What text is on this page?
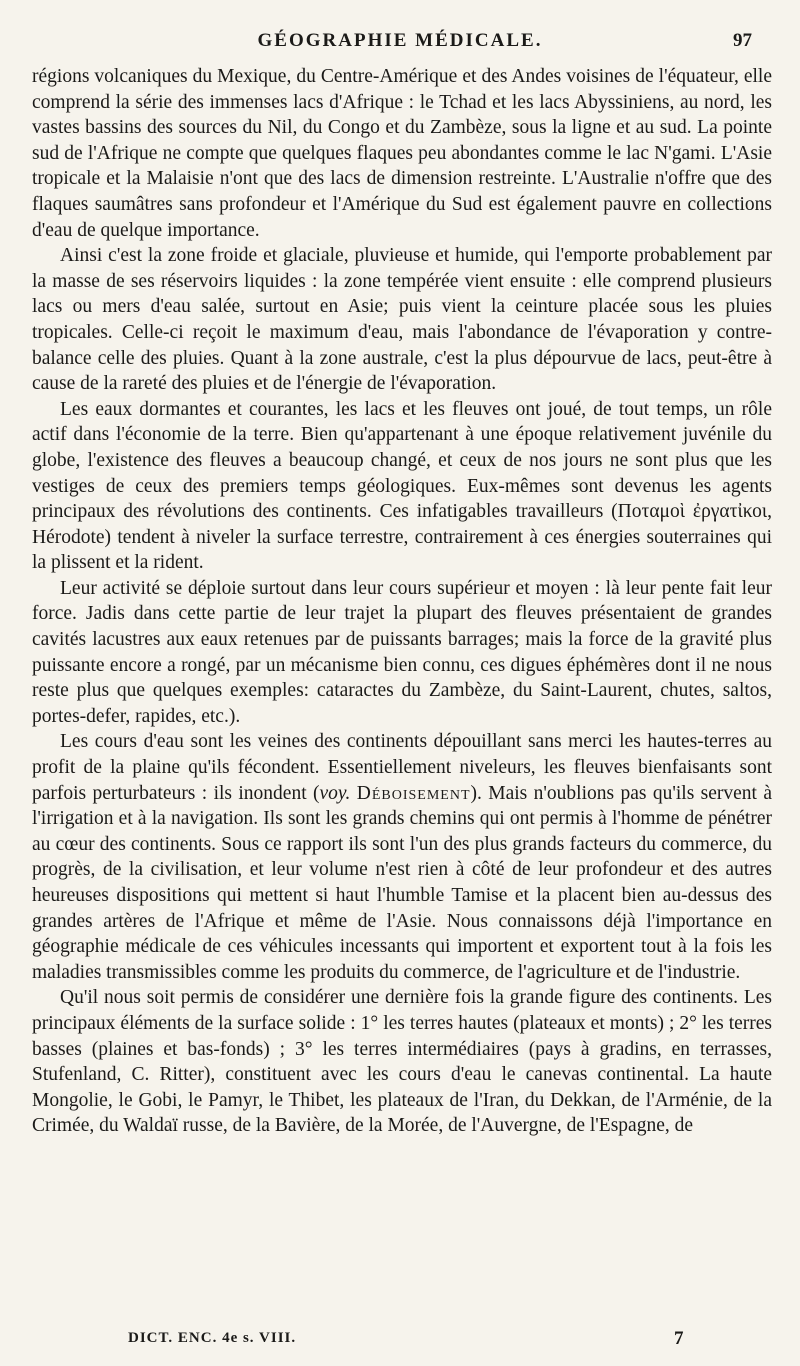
GÉOGRAPHIE MÉDICALE.	97

régions volcaniques du Mexique, du Centre-Amérique et des Andes voisines de l'équateur, elle comprend la série des immenses lacs d'Afrique : le Tchad et les lacs Abyssiniens, au nord, les vastes bassins des sources du Nil, du Congo et du Zambèze, sous la ligne et au sud. La pointe sud de l'Afrique ne compte que quelques flaques peu abondantes comme le lac N'gami. L'Asie tropicale et la Malaisie n'ont que des lacs de dimension restreinte. L'Australie n'offre que des flaques saumâtres sans profondeur et l'Amérique du Sud est également pauvre en collections d'eau de quelque importance.

Ainsi c'est la zone froide et glaciale, pluvieuse et humide, qui l'emporte probablement par la masse de ses réservoirs liquides : la zone tempérée vient ensuite : elle comprend plusieurs lacs ou mers d'eau salée, surtout en Asie; puis vient la ceinture placée sous les pluies tropicales. Celle-ci reçoit le maximum d'eau, mais l'abondance de l'évaporation y contre-balance celle des pluies. Quant à la zone australe, c'est la plus dépourvue de lacs, peut-être à cause de la rareté des pluies et de l'énergie de l'évaporation.

Les eaux dormantes et courantes, les lacs et les fleuves ont joué, de tout temps, un rôle actif dans l'économie de la terre. Bien qu'appartenant à une époque relativement juvénile du globe, l'existence des fleuves a beaucoup changé, et ceux de nos jours ne sont plus que les vestiges de ceux des premiers temps géologiques. Eux-mêmes sont devenus les agents principaux des révolutions des continents. Ces infatigables travailleurs (Ποταμοὶ ἐργατἰκοι, Hérodote) tendent à niveler la surface terrestre, contrairement à ces énergies souterraines qui la plissent et la rident.

Leur activité se déploie surtout dans leur cours supérieur et moyen : là leur pente fait leur force. Jadis dans cette partie de leur trajet la plupart des fleuves présentaient de grandes cavités lacustres aux eaux retenues par de puissants barrages; mais la force de la gravité plus puissante encore a rongé, par un mécanisme bien connu, ces digues éphémères dont il ne nous reste plus que quelques exemples: cataractes du Zambèze, du Saint-Laurent, chutes, saltos, portes-defer, rapides, etc.).

Les cours d'eau sont les veines des continents dépouillant sans merci les hautes-terres au profit de la plaine qu'ils fécondent. Essentiellement niveleurs, les fleuves bienfaisants sont parfois perturbateurs : ils inondent (voy. Déboisement). Mais n'oublions pas qu'ils servent à l'irrigation et à la navigation. Ils sont les grands chemins qui ont permis à l'homme de pénétrer au cœur des continents. Sous ce rapport ils sont l'un des plus grands facteurs du commerce, du progrès, de la civilisation, et leur volume n'est rien à côté de leur profondeur et des autres heureuses dispositions qui mettent si haut l'humble Tamise et la placent bien au-dessus des grandes artères de l'Afrique et même de l'Asie. Nous connaissons déjà l'importance en géographie médicale de ces véhicules incessants qui importent et exportent tout à la fois les maladies transmissibles comme les produits du commerce, de l'agriculture et de l'industrie.

Qu'il nous soit permis de considérer une dernière fois la grande figure des continents. Les principaux éléments de la surface solide : 1° les terres hautes (plateaux et monts) ; 2° les terres basses (plaines et bas-fonds) ; 3° les terres intermédiaires (pays à gradins, en terrasses, Stufenland, C. Ritter), constituent avec les cours d'eau le canevas continental. La haute Mongolie, le Gobi, le Pamyr, le Thibet, les plateaux de l'Iran, du Dekkan, de l'Arménie, de la Crimée, du Waldaï russe, de la Bavière, de la Morée, de l'Auvergne, de l'Espagne, de

DICT. ENC. 4e s. VIII.	7
